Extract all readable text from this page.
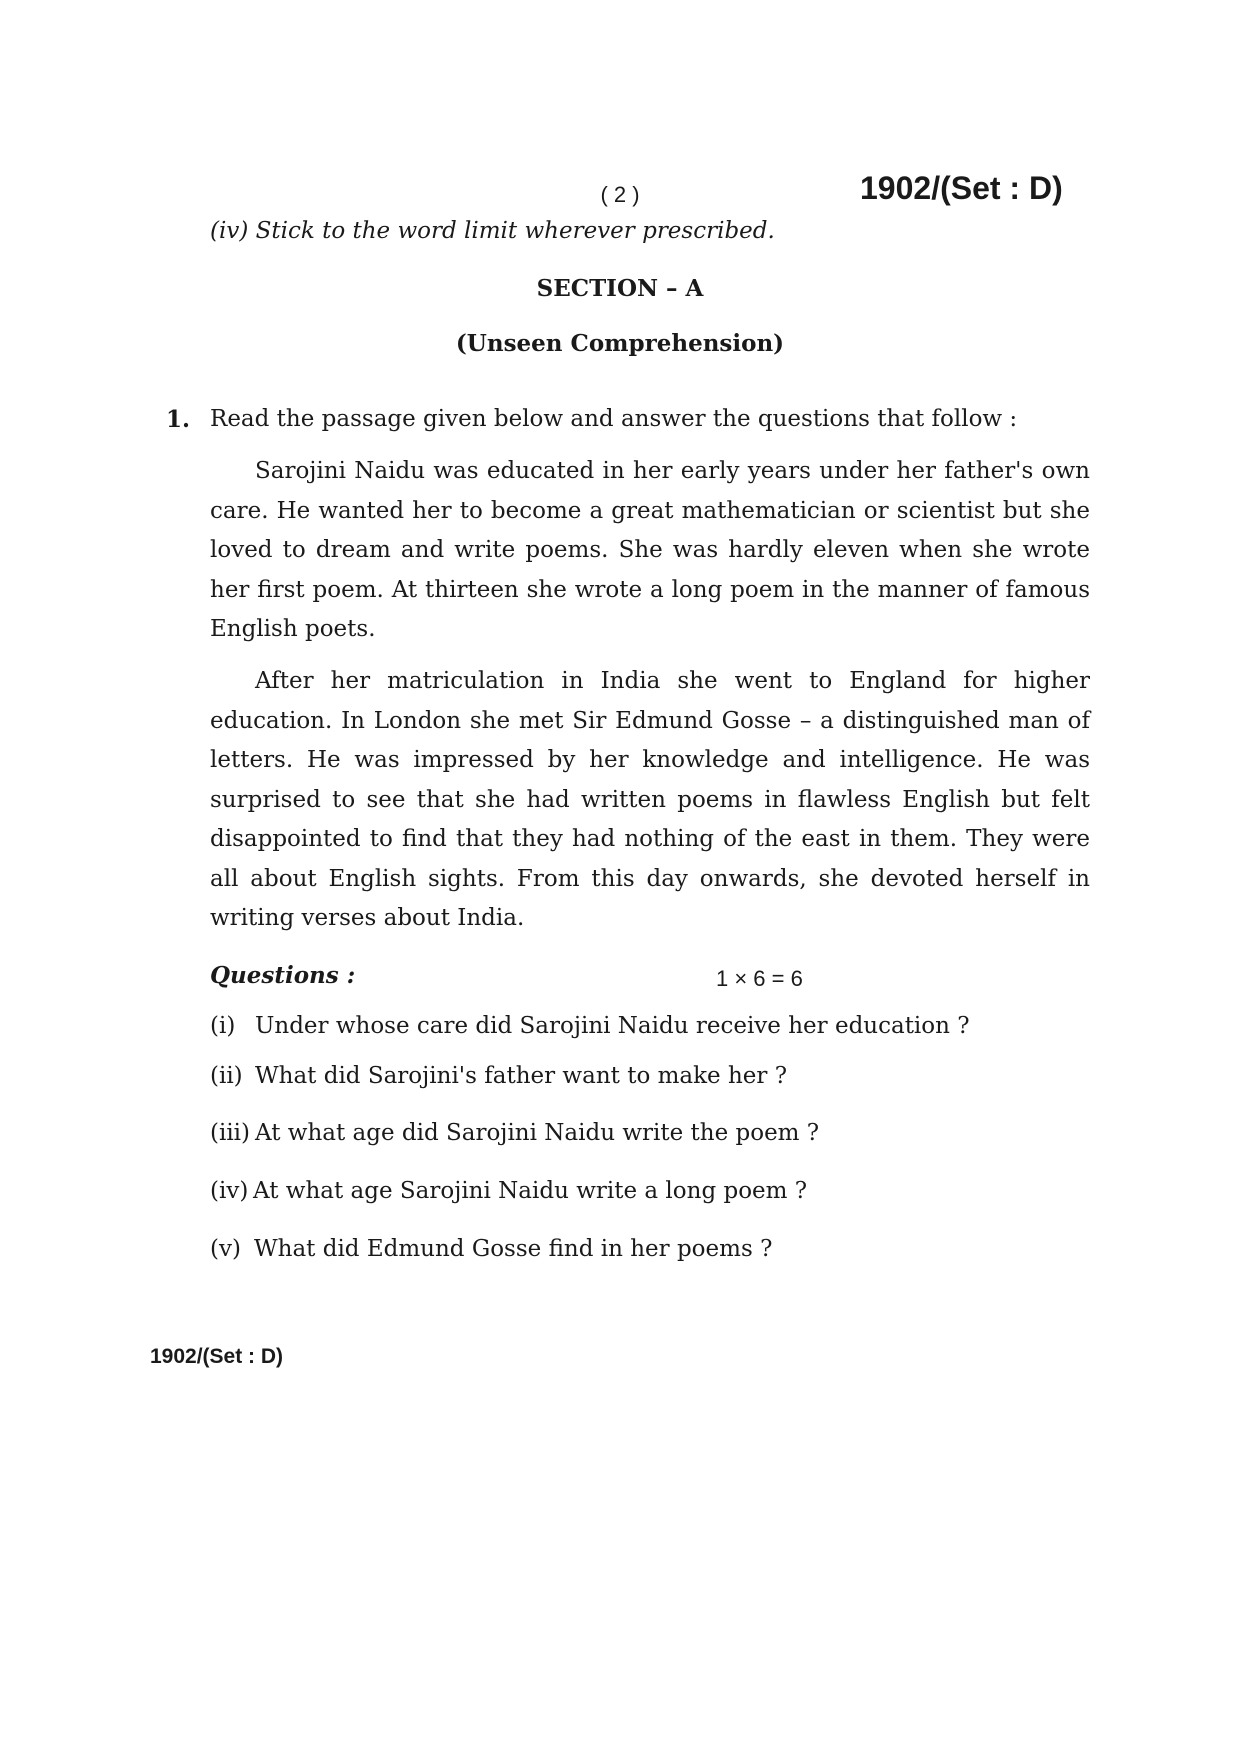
( 2 )	1902/(Set : D)
(iv) Stick to the word limit wherever prescribed.
SECTION – A
(Unseen Comprehension)
1. Read the passage given below and answer the questions that follow :

Sarojini Naidu was educated in her early years under her father's own care. He wanted her to become a great mathematician or scientist but she loved to dream and write poems. She was hardly eleven when she wrote her first poem. At thirteen she wrote a long poem in the manner of famous English poets.

After her matriculation in India she went to England for higher education. In London she met Sir Edmund Gosse – a distinguished man of letters. He was impressed by her knowledge and intelligence. He was surprised to see that she had written poems in flawless English but felt disappointed to find that they had nothing of the east in them. They were all about English sights. From this day onwards, she devoted herself in writing verses about India.

Questions :	1 × 6 = 6
(i) Under whose care did Sarojini Naidu receive her education ?
(ii) What did Sarojini's father want to make her ?
(iii) At what age did Sarojini Naidu write the poem ?
(iv) At what age Sarojini Naidu write a long poem ?
(v) What did Edmund Gosse find in her poems ?
1902/(Set : D)
